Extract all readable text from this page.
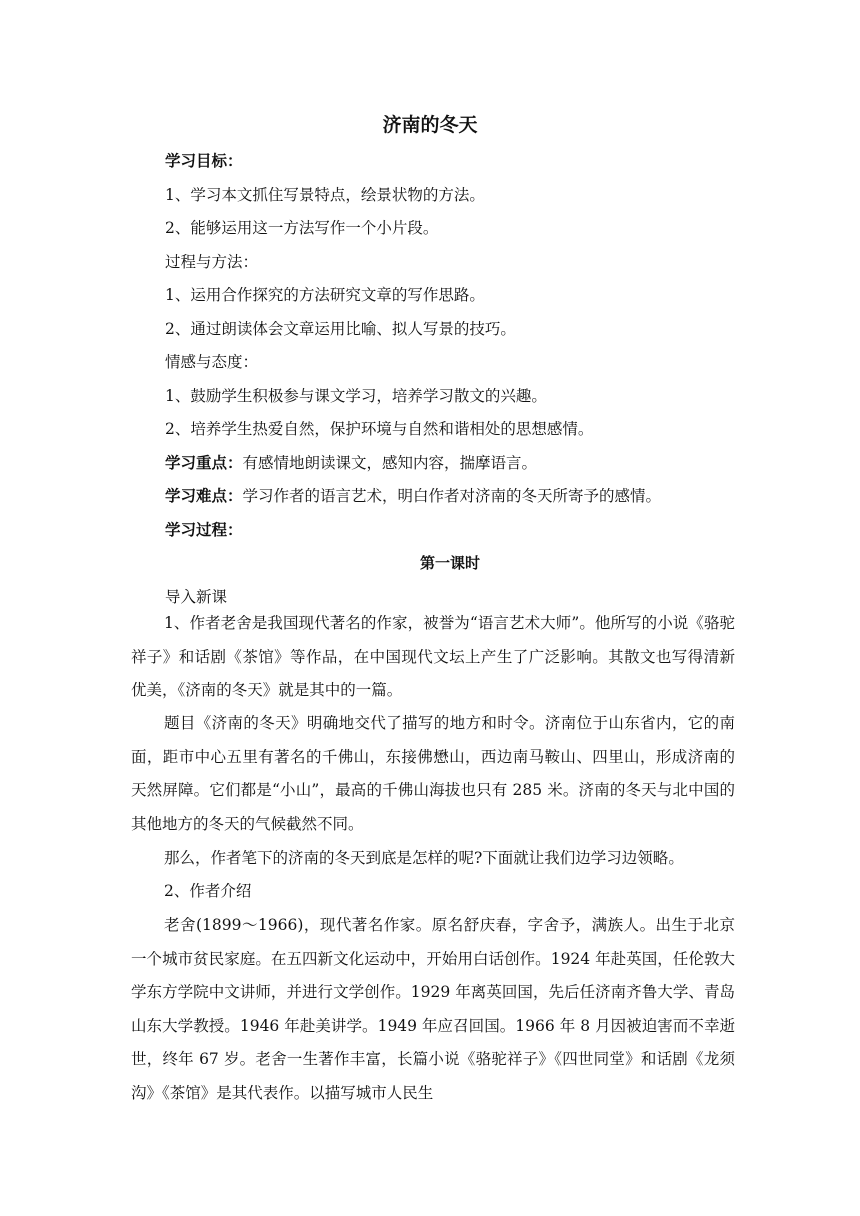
济南的冬天
学习目标：
1、学习本文抓住写景特点，绘景状物的方法。
2、能够运用这一方法写作一个小片段。
过程与方法：
1、运用合作探究的方法研究文章的写作思路。
2、通过朗读体会文章运用比喻、拟人写景的技巧。
情感与态度：
1、鼓励学生积极参与课文学习，培养学习散文的兴趣。
2、培养学生热爱自然，保护环境与自然和谐相处的思想感情。
学习重点：有感情地朗读课文，感知内容，揣摩语言。
学习难点：学习作者的语言艺术，明白作者对济南的冬天所寄予的感情。
学习过程：
第一课时
导入新课
1、作者老舍是我国现代著名的作家，被誉为“语言艺术大师”。他所写的小说《骆驼祥子》和话剧《茶馆》等作品，在中国现代文坛上产生了广泛影响。其散文也写得清新优美，《济南的冬天》就是其中的一篇。
题目《济南的冬天》明确地交代了描写的地方和时令。济南位于山东省内，它的南面，距市中心五里有著名的千佛山，东接佛懋山，西边南马鞍山、四里山，形成济南的天然屏障。它们都是“小山”，最高的千佛山海拔也只有 285 米。济南的冬天与北中国的其他地方的冬天的气候截然不同。
那么，作者笔下的济南的冬天到底是怎样的呢?下面就让我们边学习边领略。
2、作者介绍
老舍(1899～1966)，现代著名作家。原名舒庆春，字舍予，满族人。出生于北京一个城市贫民家庭。在五四新文化运动中，开始用白话创作。1924 年赴英国，任伦敦大学东方学院中文讲师，并进行文学创作。1929 年离英回国，先后任济南齐鲁大学、青岛山东大学教授。1946 年赴美讲学。1949 年应召回国。1966 年 8 月因被迫害而不幸逝世，终年 67 岁。老舍一生著作丰富，长篇小说《骆驼祥子》《四世同堂》和话剧《龙须沟》《茶馆》是其代表作。以描写城市人民生
